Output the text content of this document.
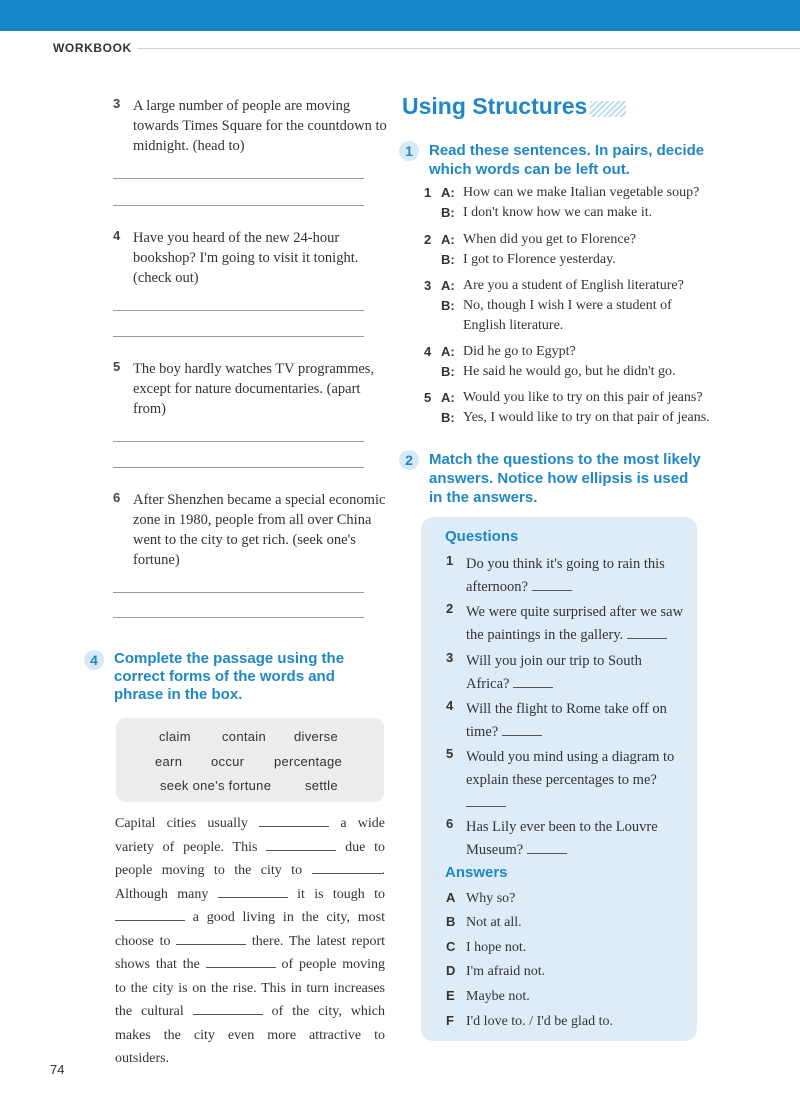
WORKBOOK
3 A large number of people are moving towards Times Square for the countdown to midnight. (head to)
4 Have you heard of the new 24-hour bookshop? I'm going to visit it tonight. (check out)
5 The boy hardly watches TV programmes, except for nature documentaries. (apart from)
6 After Shenzhen became a special economic zone in 1980, people from all over China went to the city to get rich. (seek one's fortune)
4	Complete the passage using the correct forms of the words and phrase in the box.
claim contain diverse
earn occur percentage
seek one's fortune	settle
Capital cities usually	a wide variety of people. This	due to people moving to the city to	. Although many	it is tough to  a good living in the city, most choose to	there. The latest report shows that the	of people moving to the city is on the rise. This in turn increases the cultural	of the city, which makes the city even more attractive to outsiders.
74
Using Structures
1	Read these sentences. In pairs, decide which words can be left out.
1 A: How can we make Italian vegetable soup?
B: I don't know how we can make it.
2 A: When did you get to Florence?
B: I got to Florence yesterday.
3 A: Are you a student of English literature?
B: No, though I wish I were a student of English literature.
4 A: Did he go to Egypt?
B: He said he would go, but he didn't go.
5 A: Would you like to try on this pair of jeans?
B: Yes, I would like to try on that pair of jeans.
2	Match the questions to the most likely answers. Notice how ellipsis is used in the answers.
Questions
1 Do you think it's going to rain this afternoon?
2 We were quite surprised after we saw the paintings in the gallery.
3 Will you join our trip to South Africa?
4 Will the flight to Rome take off on time?
5 Would you mind using a diagram to explain these percentages to me?

6 Has Lily ever been to the Louvre Museum?
Answers
A Why so?
B Not at all.
C I hope not.
D I'm afraid not.
E Maybe not.
F I'd love to. / I'd be glad to.
